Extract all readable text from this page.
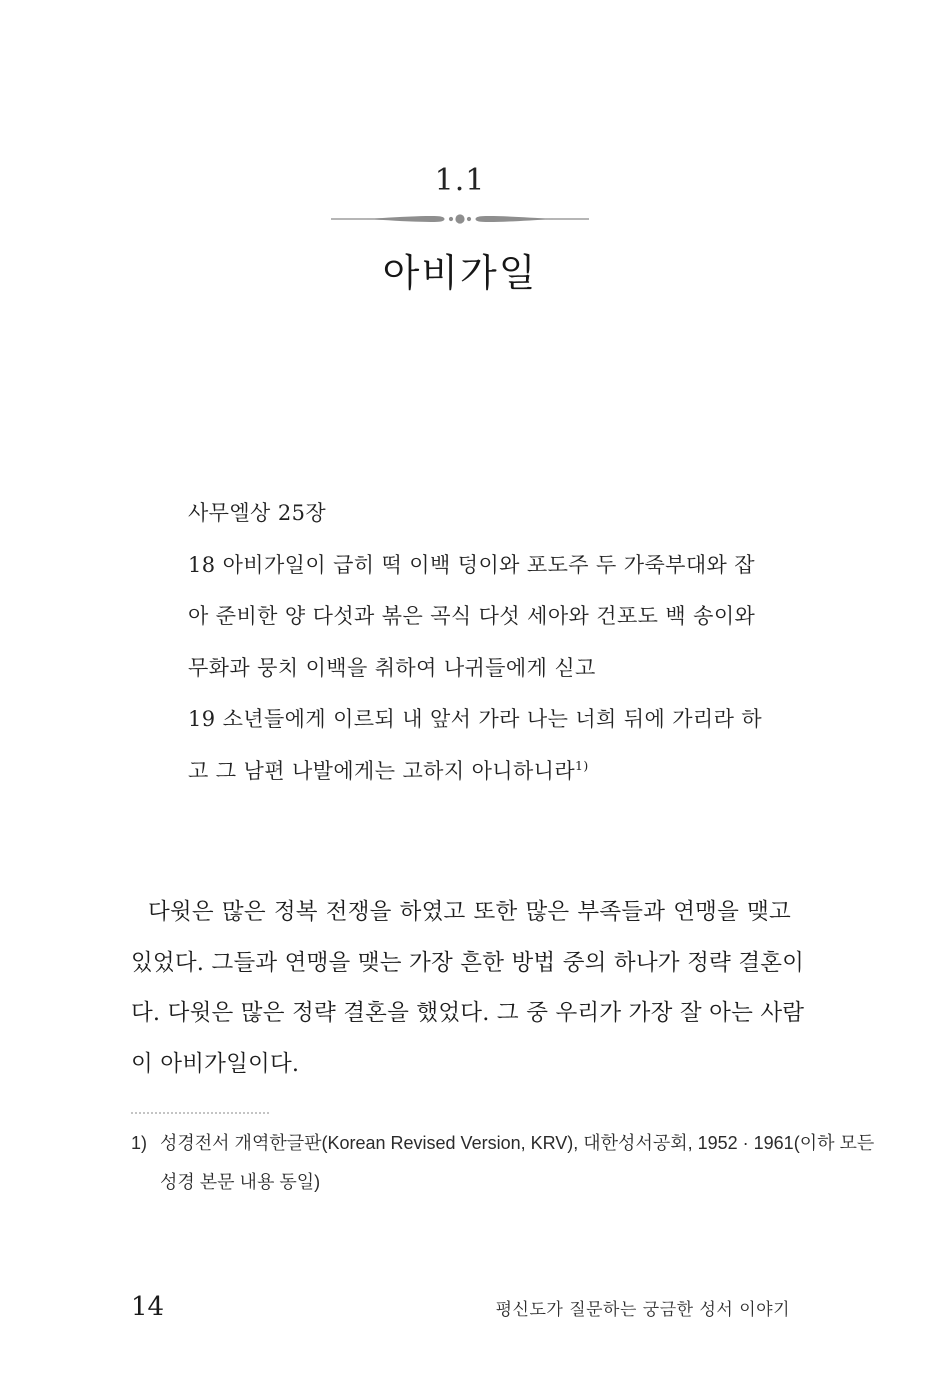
1.1
아비가일
사무엘상 25장
18 아비가일이 급히 떡 이백 덩이와 포도주 두 가죽부대와 잡
아 준비한 양 다섯과 볶은 곡식 다섯 세아와 건포도 백 송이와
무화과 뭉치 이백을 취하여 나귀들에게 싣고
19 소년들에게 이르되 내 앞서 가라 나는 너희 뒤에 가리라 하
고 그 남편 나발에게는 고하지 아니하니라$^{1)}$
다윗은 많은 정복 전쟁을 하였고 또한 많은 부족들과 연맹을 맺고
있었다. 그들과 연맹을 맺는 가장 흔한 방법 중의 하나가 정략 결혼이
다. 다윗은 많은 정략 결혼을 했었다. 그 중 우리가 가장 잘 아는 사람
이 아비가일이다.
1) 성경전서 개역한글판(Korean Revised Version, KRV), 대한성서공회, 1952 · 1961(이하 모든
성경 본문 내용 동일)
14	평신도가 질문하는 궁금한 성서 이야기
